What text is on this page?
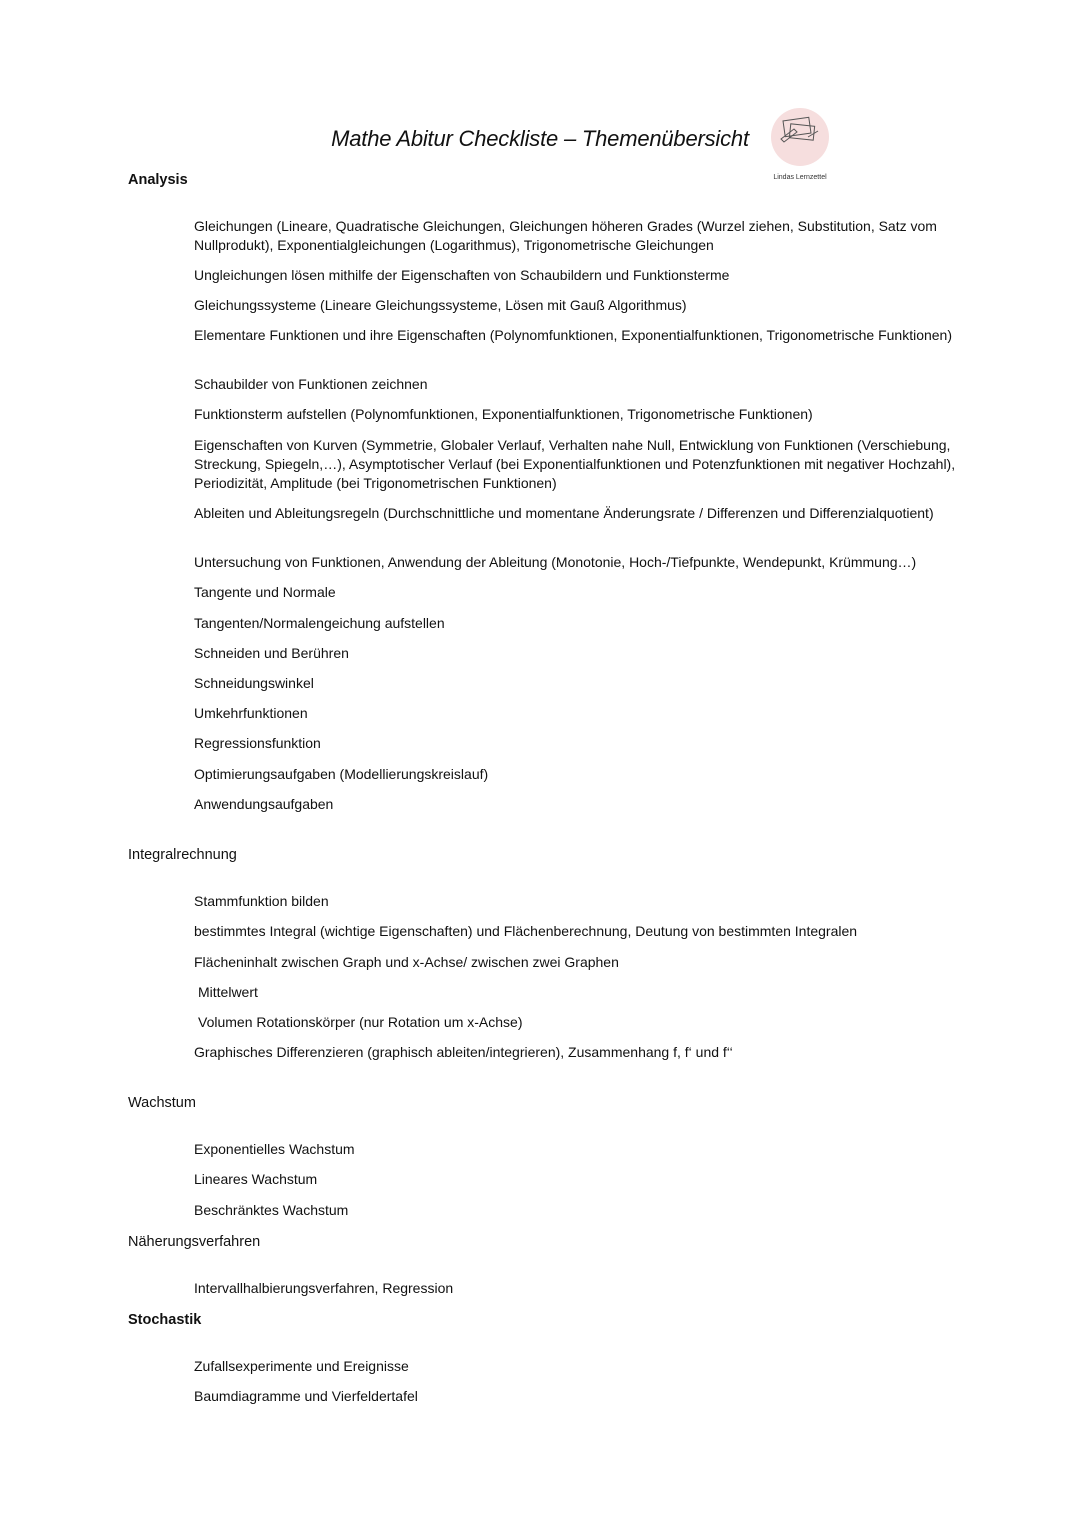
Mathe Abitur Checkliste – Themenübersicht
Lindas Lernzettel
Analysis
Gleichungen (Lineare, Quadratische Gleichungen, Gleichungen höheren Grades (Wurzel ziehen, Substitution, Satz vom Nullprodukt), Exponentialgleichungen (Logarithmus), Trigonometrische Gleichungen
Ungleichungen lösen mithilfe der Eigenschaften von Schaubildern und Funktionsterme
Gleichungssysteme (Lineare Gleichungssysteme, Lösen mit Gauß Algorithmus)
Elementare Funktionen und ihre Eigenschaften (Polynomfunktionen, Exponentialfunktionen, Trigonometrische Funktionen)
Schaubilder von Funktionen zeichnen
Funktionsterm aufstellen (Polynomfunktionen, Exponentialfunktionen, Trigonometrische Funktionen)
Eigenschaften von Kurven (Symmetrie, Globaler Verlauf, Verhalten nahe Null, Entwicklung von Funktionen (Verschiebung, Streckung, Spiegeln,…), Asymptotischer Verlauf (bei Exponentialfunktionen und Potenzfunktionen mit negativer Hochzahl), Periodizität, Amplitude (bei Trigonometrischen Funktionen)
Ableiten und Ableitungsregeln (Durchschnittliche und momentane Änderungsrate / Differenzen und Differenzialquotient)
Untersuchung von Funktionen, Anwendung der Ableitung (Monotonie, Hoch-/Tiefpunkte, Wendepunkt, Krümmung…)
Tangente und Normale
Tangenten/Normalengeichung aufstellen
Schneiden und Berühren
Schneidungswinkel
Umkehrfunktionen
Regressionsfunktion
Optimierungsaufgaben (Modellierungskreislauf)
Anwendungsaufgaben
Integralrechnung
Stammfunktion bilden
bestimmtes Integral (wichtige Eigenschaften) und Flächenberechnung, Deutung von bestimmten Integralen
Flächeninhalt zwischen Graph und x-Achse/ zwischen zwei Graphen
Mittelwert
Volumen Rotationskörper (nur Rotation um x-Achse)
Graphisches Differenzieren (graphisch ableiten/integrieren), Zusammenhang f, f‘ und f‘‘
Wachstum
Exponentielles Wachstum
Lineares Wachstum
Beschränktes Wachstum
Näherungsverfahren
Intervallhalbierungsverfahren, Regression
Stochastik
Zufallsexperimente und Ereignisse
Baumdiagramme und Vierfeldertafel
